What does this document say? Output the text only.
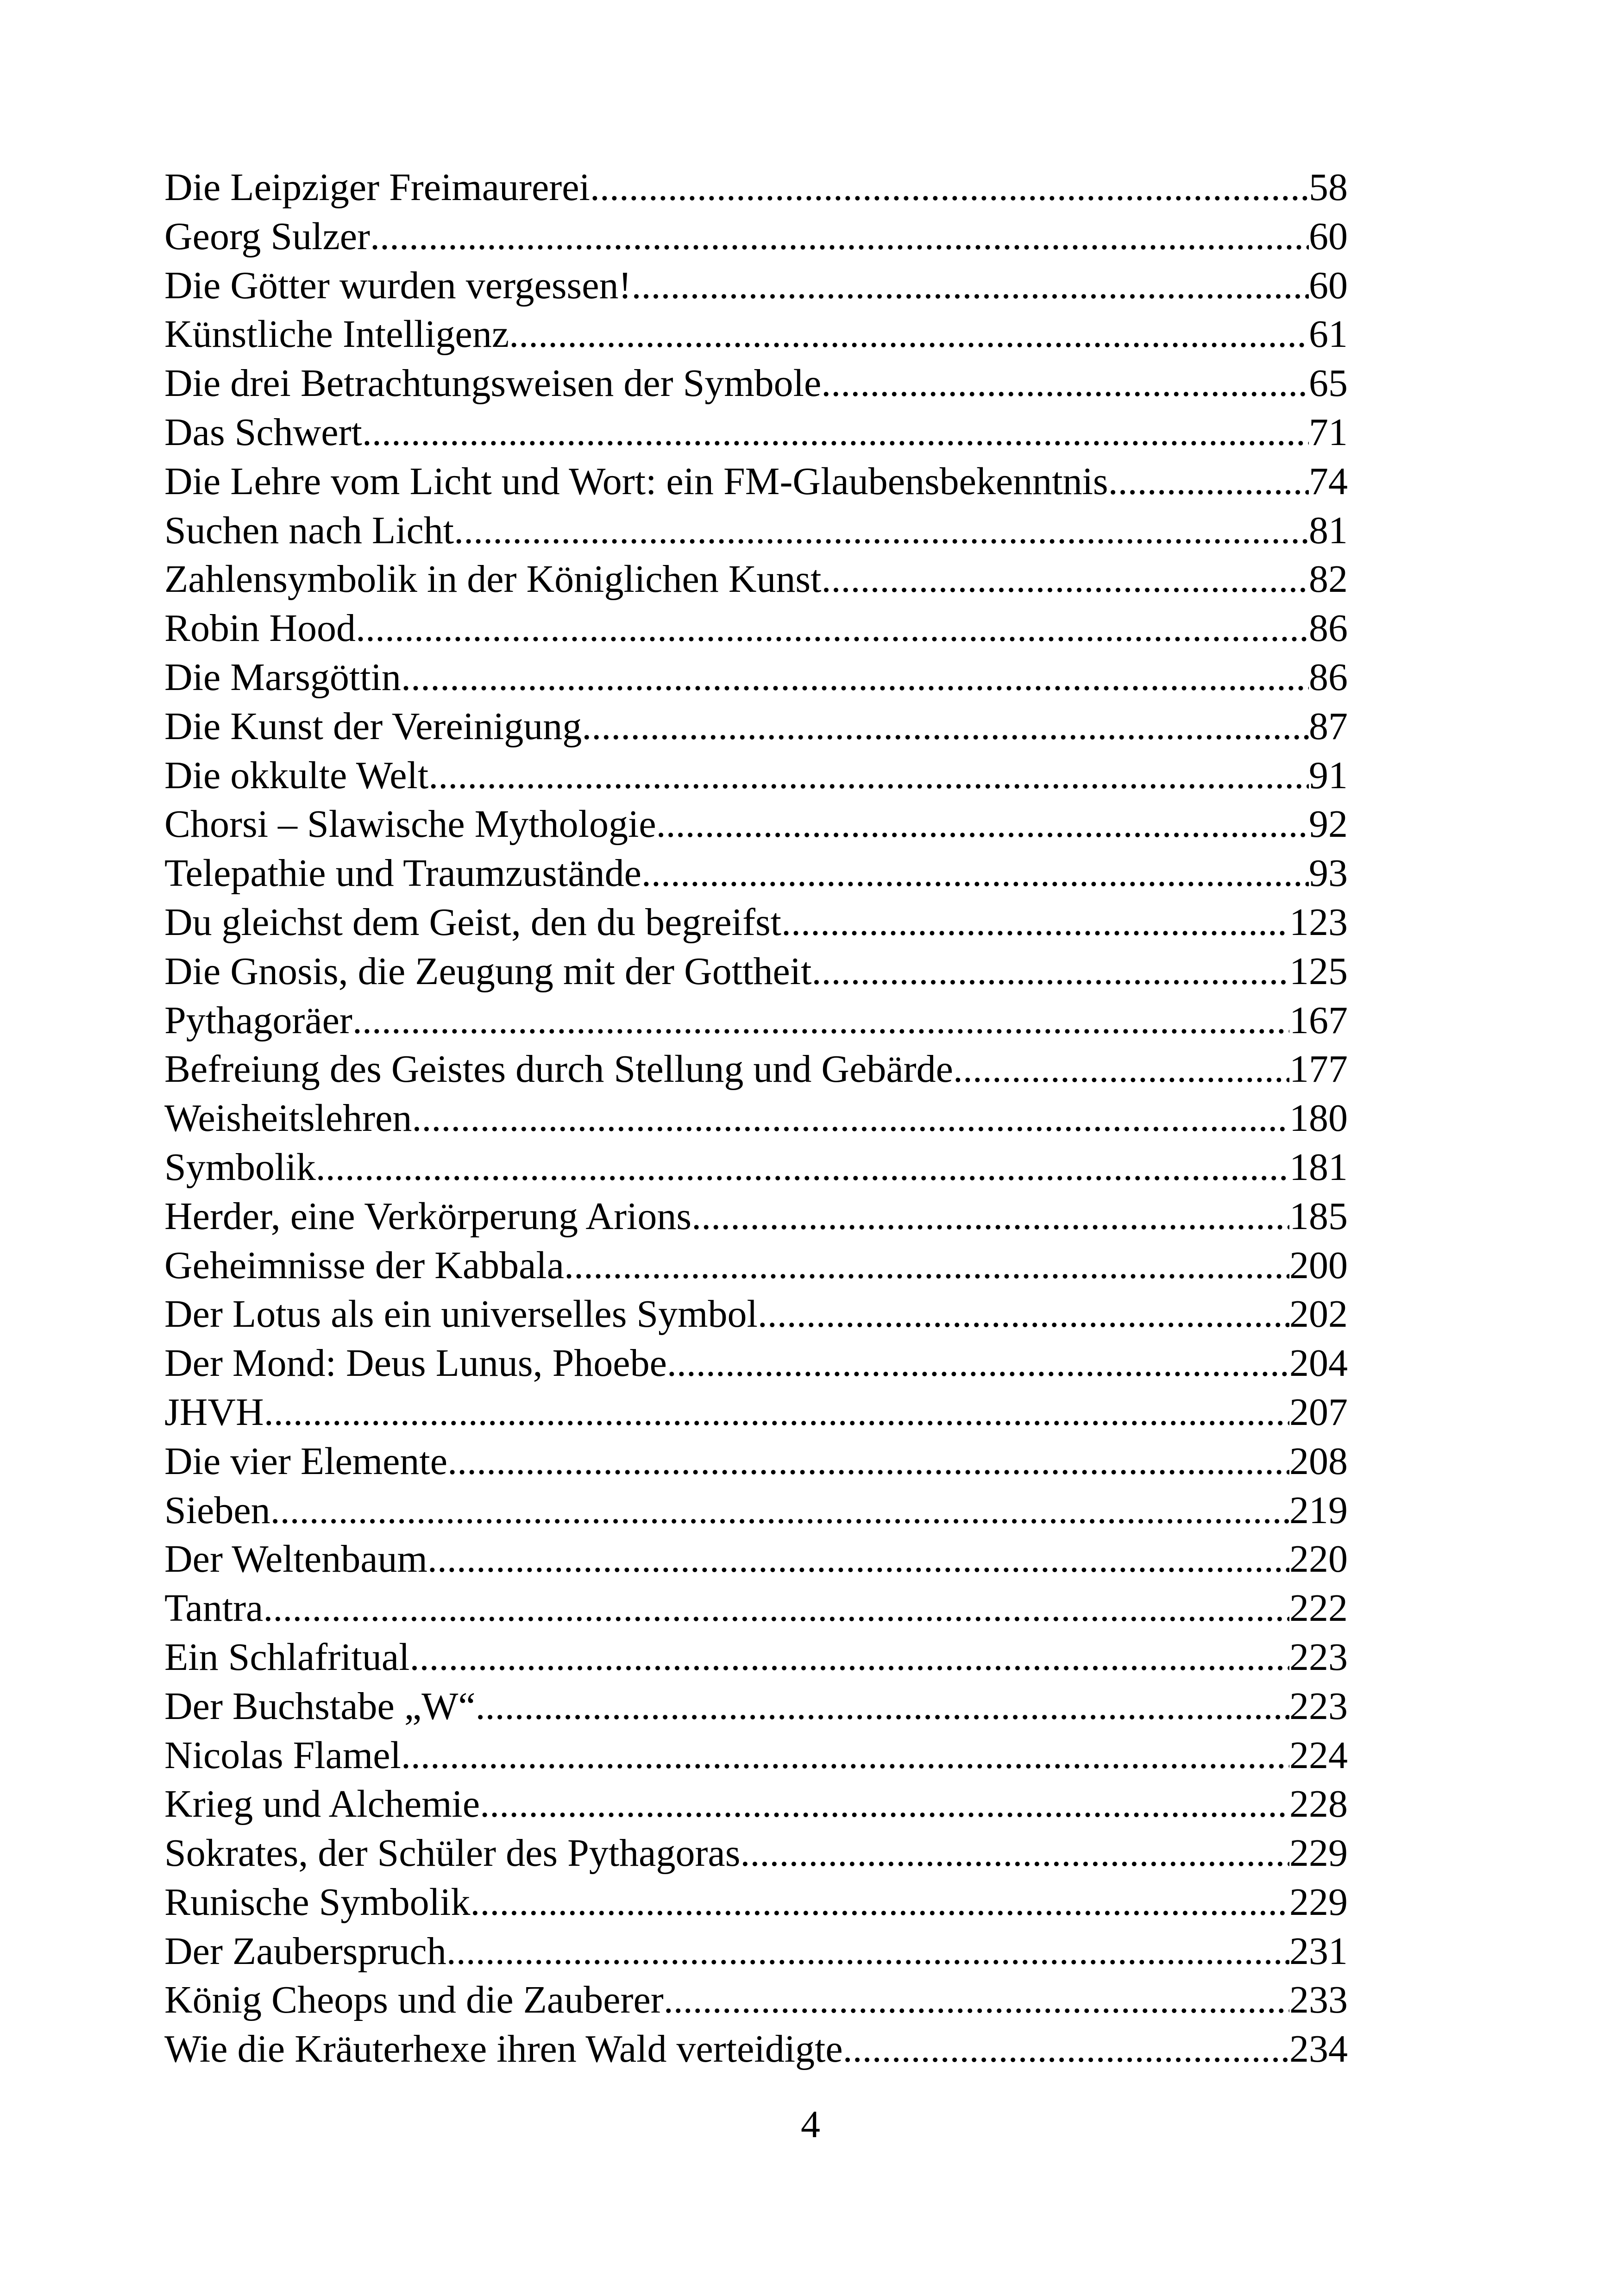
Die Leipziger Freimaurerei .....	58
Georg Sulzer .....	60
Die Götter wurden vergessen! .....	60
Künstliche Intelligenz .....	61
Die drei Betrachtungsweisen der Symbole .....	65
Das Schwert .....	71
Die Lehre vom Licht und Wort: ein FM-Glaubensbekenntnis .....	74
Suchen nach Licht .....	81
Zahlensymbolik in der Königlichen Kunst .....	82
Robin Hood .....	86
Die Marsgöttin .....	86
Die Kunst der Vereinigung .....	87
Die okkulte Welt .....	91
Chorsi – Slawische Mythologie .....	92
Telepathie und Traumzustände .....	93
Du gleichst dem Geist, den du begreifst .....	123
Die Gnosis, die Zeugung mit der Gottheit .....	125
Pythagoräer .....	167
Befreiung des Geistes durch Stellung und Gebärde .....	177
Weisheitslehren .....	180
Symbolik .....	181
Herder, eine Verkörperung Arions .....	185
Geheimnisse der Kabbala .....	200
Der Lotus als ein universelles Symbol .....	202
Der Mond: Deus Lunus, Phoebe .....	204
JHVH .....	207
Die vier Elemente .....	208
Sieben .....	219
Der Weltenbaum .....	220
Tantra .....	222
Ein Schlafritual .....	223
Der Buchstabe „W“ .....	223
Nicolas Flamel .....	224
Krieg und Alchemie .....	228
Sokrates, der Schüler des Pythagoras .....	229
Runische Symbolik .....	229
Der Zauberspruch .....	231
König Cheops und die Zauberer .....	233
Wie die Kräuterhexe ihren Wald verteidigte .....	234
4
